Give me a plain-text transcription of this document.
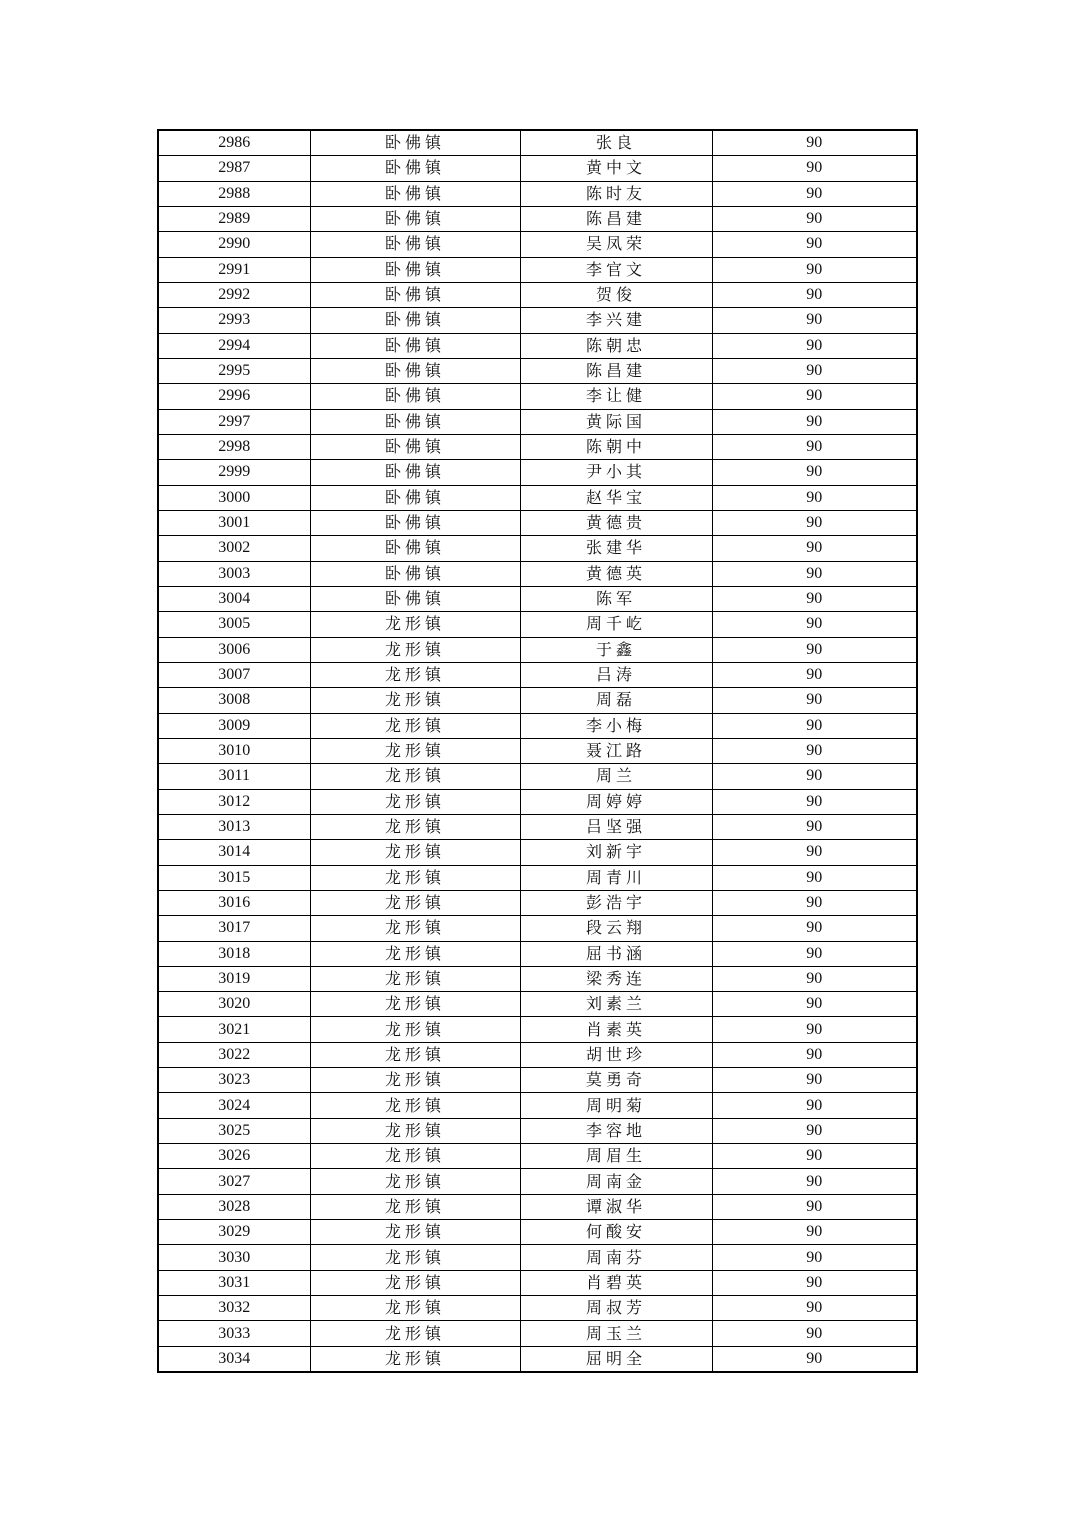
2986	卧佛镇	张良	90
2987	卧佛镇	黄中文	90
2988	卧佛镇	陈时友	90
2989	卧佛镇	陈昌建	90
2990	卧佛镇	吴凤荣	90
2991	卧佛镇	李官文	90
2992	卧佛镇	贺俊	90
2993	卧佛镇	李兴建	90
2994	卧佛镇	陈朝忠	90
2995	卧佛镇	陈昌建	90
2996	卧佛镇	李让健	90
2997	卧佛镇	黄际国	90
2998	卧佛镇	陈朝中	90
2999	卧佛镇	尹小其	90
3000	卧佛镇	赵华宝	90
3001	卧佛镇	黄德贵	90
3002	卧佛镇	张建华	90
3003	卧佛镇	黄德英	90
3004	卧佛镇	陈军	90
3005	龙形镇	周千屹	90
3006	龙形镇	于鑫	90
3007	龙形镇	吕涛	90
3008	龙形镇	周磊	90
3009	龙形镇	李小梅	90
3010	龙形镇	聂江路	90
3011	龙形镇	周兰	90
3012	龙形镇	周婷婷	90
3013	龙形镇	吕坚强	90
3014	龙形镇	刘新宇	90
3015	龙形镇	周青川	90
3016	龙形镇	彭浩宇	90
3017	龙形镇	段云翔	90
3018	龙形镇	屈书涵	90
3019	龙形镇	梁秀连	90
3020	龙形镇	刘素兰	90
3021	龙形镇	肖素英	90
3022	龙形镇	胡世珍	90
3023	龙形镇	莫勇奇	90
3024	龙形镇	周明菊	90
3025	龙形镇	李容地	90
3026	龙形镇	周眉生	90
3027	龙形镇	周南金	90
3028	龙形镇	谭淑华	90
3029	龙形镇	何酸安	90
3030	龙形镇	周南芬	90
3031	龙形镇	肖碧英	90
3032	龙形镇	周叔芳	90
3033	龙形镇	周玉兰	90
3034	龙形镇	屈明全	90
